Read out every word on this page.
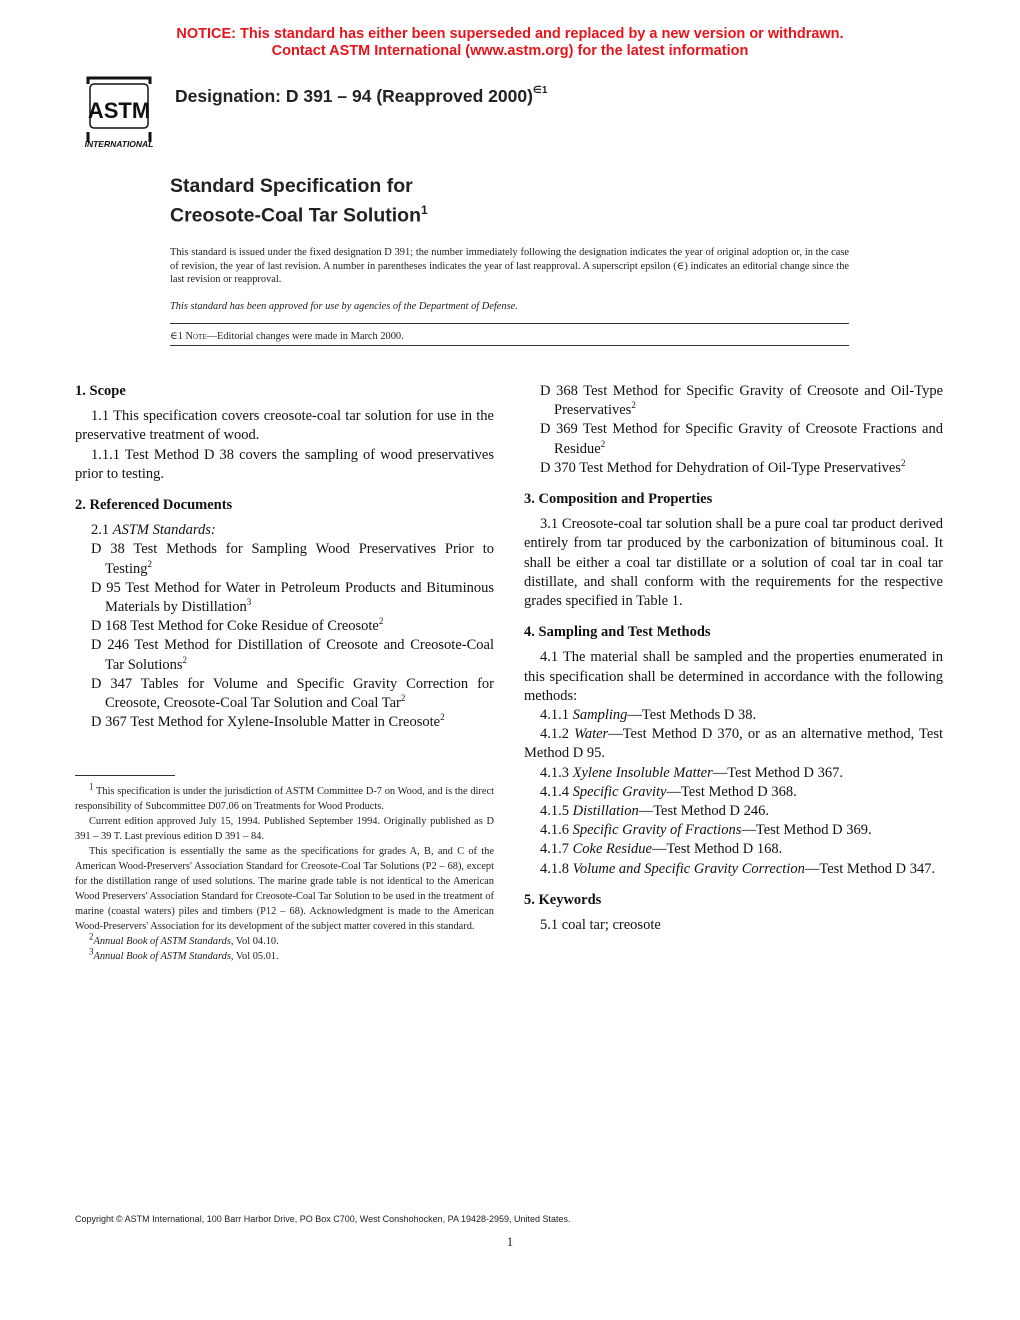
NOTICE: This standard has either been superseded and replaced by a new version or withdrawn.
Contact ASTM International (www.astm.org) for the latest information
ASTM
INTERNATIONAL
Designation: D 391 – 94 (Reapproved 2000)$^{\in 1}$
Standard Specification for
Creosote-Coal Tar Solution$^1$
This standard is issued under the fixed designation D 391; the number immediately following the designation indicates the year of original adoption or, in the case of revision, the year of last revision. A number in parentheses indicates the year of last reapproval. A superscript epsilon (∈) indicates an editorial change since the last revision or reapproval.
This standard has been approved for use by agencies of the Department of Defense.
∈1 Note—Editorial changes were made in March 2000.

1. Scope

1.1 This specification covers creosote-coal tar solution for use in the preservative treatment of wood.

1.1.1 Test Method D 38 covers the sampling of wood preservatives prior to testing.

2. Referenced Documents

2.1 ASTM Standards:

D 38 Test Methods for Sampling Wood Preservatives Prior to Testing$^2$

D 95 Test Method for Water in Petroleum Products and Bituminous Materials by Distillation$^3$

D 168 Test Method for Coke Residue of Creosote$^2$

D 246 Test Method for Distillation of Creosote and Creosote-Coal Tar Solutions$^2$

D 347 Tables for Volume and Specific Gravity Correction for Creosote, Creosote-Coal Tar Solution and Coal Tar$^2$

D 367 Test Method for Xylene-Insoluble Matter in Creosote$^2$

$^1$ This specification is under the jurisdiction of ASTM Committee D-7 on Wood, and is the direct responsibility of Subcommittee D07.06 on Treatments for Wood Products.

Current edition approved July 15, 1994. Published September 1994. Originally published as D 391 – 39 T. Last previous edition D 391 – 84.

This specification is essentially the same as the specifications for grades A, B, and C of the American Wood-Preservers' Association Standard for Creosote-Coal Tar Solutions (P2 – 68), except for the distillation range of used solutions. The marine grade table is not identical to the American Wood Preservers' Association Standard for Creosote-Coal Tar Solution to be used in the treatment of marine (coastal waters) piles and timbers (P12 – 68). Acknowledgment is made to the American Wood-Preservers' Association for its development of the subject matter covered in this standard.

$^2$Annual Book of ASTM Standards, Vol 04.10.

$^3$Annual Book of ASTM Standards, Vol 05.01.

D 368 Test Method for Specific Gravity of Creosote and Oil-Type Preservatives$^2$

D 369 Test Method for Specific Gravity of Creosote Fractions and Residue$^2$

D 370 Test Method for Dehydration of Oil-Type Preservatives$^2$

3. Composition and Properties

3.1 Creosote-coal tar solution shall be a pure coal tar product derived entirely from tar produced by the carbonization of bituminous coal. It shall be either a coal tar distillate or a solution of coal tar in coal tar distillate, and shall conform with the requirements for the respective grades specified in Table 1.

4. Sampling and Test Methods

4.1 The material shall be sampled and the properties enumerated in this specification shall be determined in accordance with the following methods:

4.1.1 Sampling—Test Methods D 38.

4.1.2 Water—Test Method D 370, or as an alternative method, Test Method D 95.

4.1.3 Xylene Insoluble Matter—Test Method D 367.

4.1.4 Specific Gravity—Test Method D 368.

4.1.5 Distillation—Test Method D 246.

4.1.6 Specific Gravity of Fractions—Test Method D 369.

4.1.7 Coke Residue—Test Method D 168.

4.1.8 Volume and Specific Gravity Correction—Test Method D 347.

5. Keywords

5.1 coal tar; creosote

Copyright © ASTM International, 100 Barr Harbor Drive, PO Box C700, West Conshohocken, PA 19428-2959, United States.
1
